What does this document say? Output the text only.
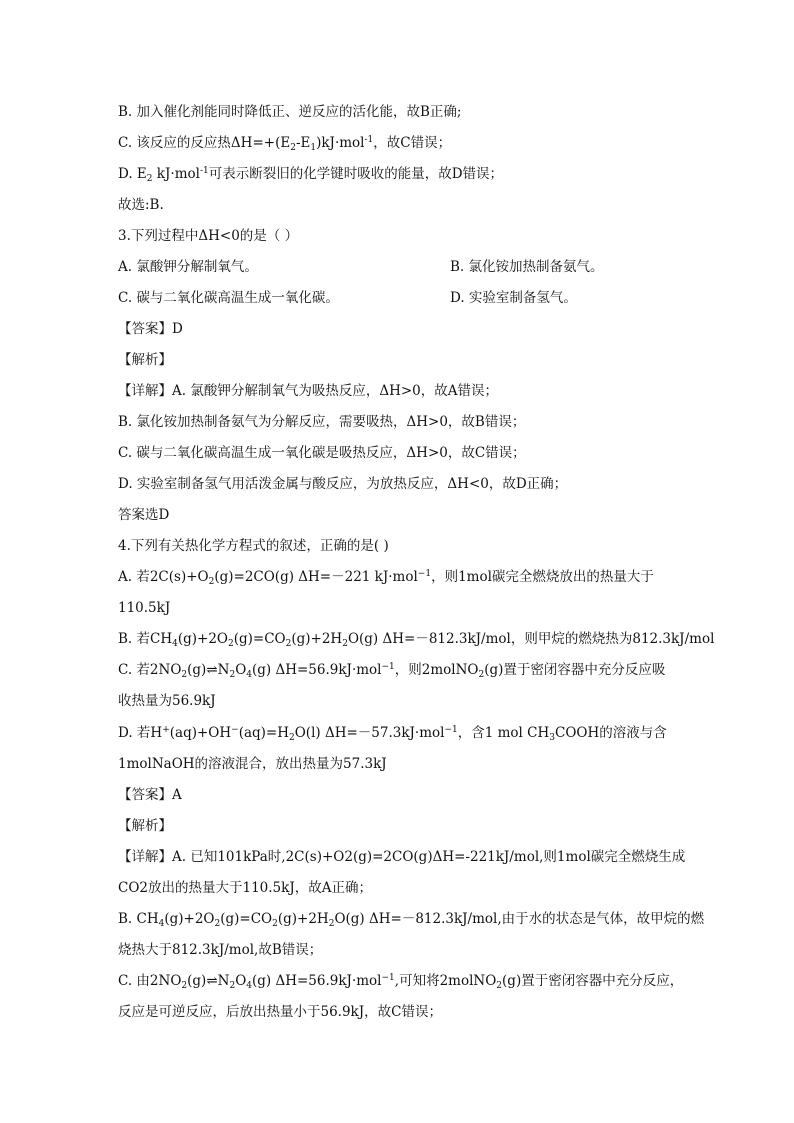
B. 加入催化剂能同时降低正、逆反应的活化能，故B正确;
C. 该反应的反应热$\Delta H=+(E_2-E_1)kJ\cdot mol^{-1}$，故C错误；
D. $E_2$ kJ·mol$^{-1}$可表示断裂旧的化学键时吸收的能量，故D错误；
故选:B.
3.下列过程中ΔH<0的是（ ）
A. 氯酸钾分解制氧气。	B. 氯化铵加热制备氨气。
C. 碳与二氧化碳高温生成一氧化碳。	D. 实验室制备氢气。
【答案】D
【解析】
【详解】A. 氯酸钾分解制氧气为吸热反应，ΔH>0，故A错误；
B. 氯化铵加热制备氨气为分解反应，需要吸热，ΔH>0，故B错误；
C. 碳与二氧化碳高温生成一氧化碳是吸热反应，ΔH>0，故C错误；
D. 实验室制备氢气用活泼金属与酸反应，为放热反应，ΔH<0，故D正确；
答案选D
4.下列有关热化学方程式的叙述，正确的是( )
A. 若$2C(s)+O_2(g)=2CO(g)$ ΔH=－221 kJ·mol$^{-1}$，则1mol碳完全燃烧放出的热量大于
110.5kJ
B. 若$CH_4(g)+2O_2(g)=CO_2(g)+2H_2O(g)$ ΔH=－812.3kJ/mol，则甲烷的燃烧热为812.3kJ/mol
C. 若$2NO_2(g)\rightleftharpoons N_2O_4(g)$ ΔH=56.9kJ·mol$^{-1}$，则2molNO$_2$(g)置于密闭容器中充分反应吸
收热量为56.9kJ
D. 若$H^+(aq)+OH^-(aq)=H_2O(l)$ ΔH=－57.3kJ·mol$^{-1}$，含1 mol $CH_3COOH$的溶液与含
1molNaOH的溶液混合，放出热量为57.3kJ
【答案】A
【解析】
【详解】A. 已知101kPa时,2C(s)+O2(g)=2CO(g)ΔH=-221kJ/mol,则1mol碳完全燃烧生成
CO2放出的热量大于110.5kJ，故A正确；
B. $CH_4(g)+2O_2(g)=CO_2(g)+2H_2O(g)$ ΔH=－812.3kJ/mol,由于水的状态是气体，故甲烷的燃
烧热大于812.3kJ/mol,故B错误；
C. 由$2NO_2(g)\rightleftharpoons N_2O_4(g)$ ΔH=56.9kJ·mol$^{-1}$,可知将2molNO$_2$(g)置于密闭容器中充分反应，
反应是可逆反应，后放出热量小于56.9kJ，故C错误；
